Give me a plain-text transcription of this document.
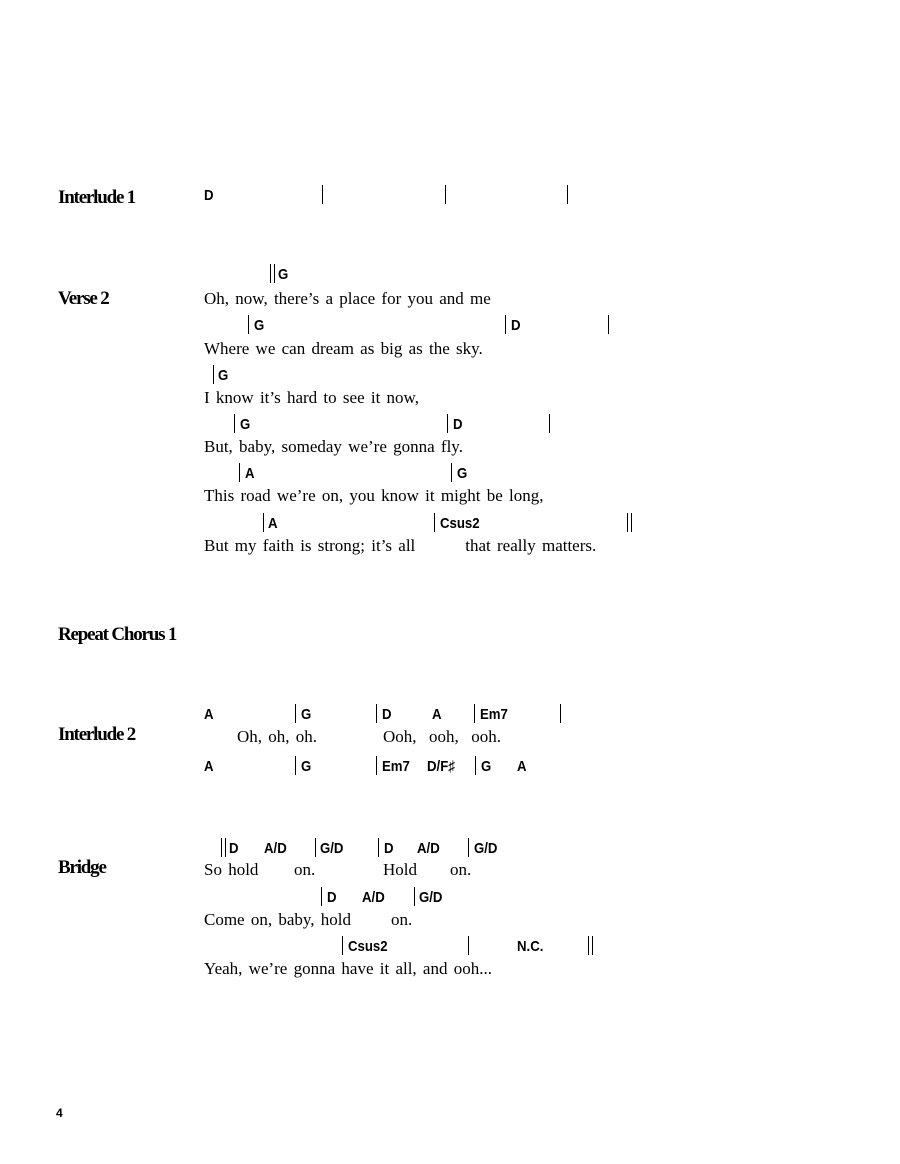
Interlude 1	D
Verse 2
G
Oh, now, there’s a place for you and me
G	D
Where we can dream as big as the sky.
G
I know it’s hard to see it now,
G	D
But, baby, someday we’re gonna fly.
A	G
This road we’re on, you know it might be long,
A	Csus2
But my faith is strong; it’s all        that really matters.
Repeat Chorus 1
Interlude 2
A	G	D	A	Em7
Oh, oh, oh.	Ooh,  ooh,  ooh.
A	G	Em7 D/F♯ G A
Bridge
D A/D G/D	D A/D G/D
So hold on.	Hold on.
D A/D G/D
Come on, baby, hold on.
Csus2	N.C.
Yeah, we’re gonna have it all, and ooh...
4
